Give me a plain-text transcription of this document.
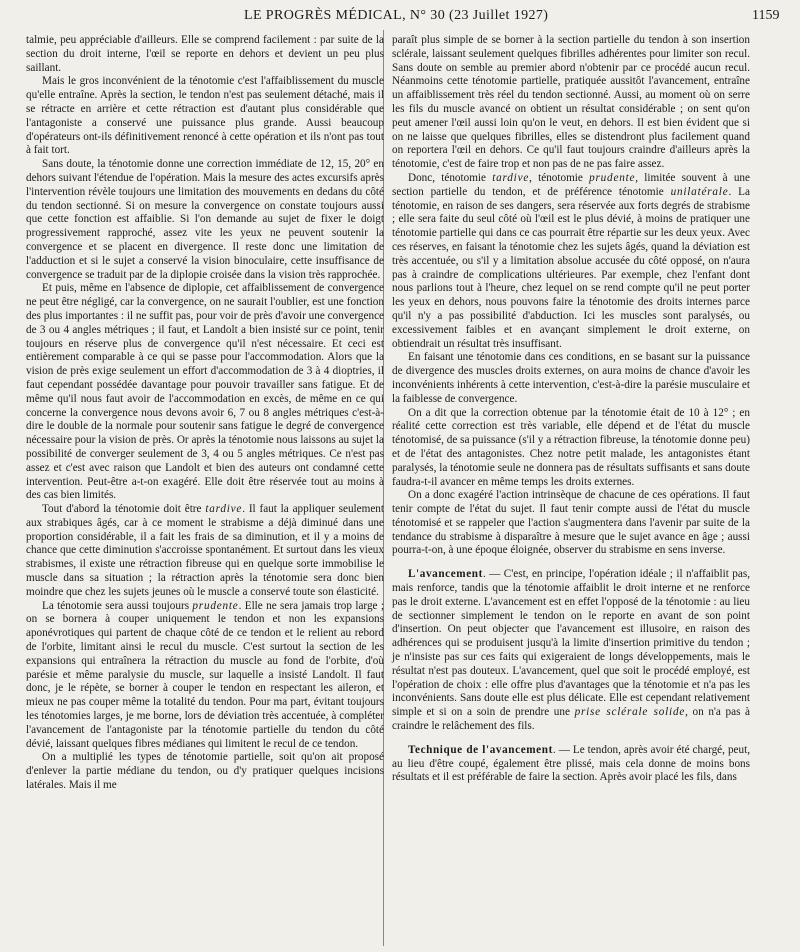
LE PROGRÈS MÉDICAL, N° 30 (23 Juillet 1927)	1159

talmie, peu appréciable d'ailleurs. Elle se comprend facilement : par suite de la section du droit interne, l'œil se reporte en dehors et devient un peu plus saillant.

Mais le gros inconvénient de la ténotomie c'est l'affaiblissement du muscle qu'elle entraîne. Après la section, le tendon n'est pas seulement détaché, mais il se rétracte en arrière et cette rétraction est d'autant plus considérable que l'antagoniste a conservé une puissance plus grande. Aussi beaucoup d'opérateurs ont-ils définitivement renoncé à cette opération et ils n'ont pas tout à fait tort.

Sans doute, la ténotomie donne une correction immédiate de 12, 15, 20° en dehors suivant l'étendue de l'opération. Mais la mesure des actes excursifs après l'intervention révèle toujours une limitation des mouvements en dedans du côté du tendon sectionné. Si on mesure la convergence on constate toujours aussi que cette fonction est affaiblie. Si l'on demande au sujet de fixer le doigt progressivement rapproché, assez vite les yeux ne peuvent soutenir la convergence et se placent en divergence. Il reste donc une limitation de l'adduction et si le sujet a conservé la vision binoculaire, cette insuffisance de convergence se traduit par de la diplopie croisée dans la vision très rapprochée.

Et puis, même en l'absence de diplopie, cet affaiblissement de convergence ne peut être négligé, car la convergence, on ne saurait l'oublier, est une fonction des plus importantes : il ne suffit pas, pour voir de près d'avoir une convergence de 3 ou 4 angles métriques ; il faut, et Landolt a bien insisté sur ce point, tenir toujours en réserve plus de convergence qu'il n'est nécessaire. Et ceci est entièrement comparable à ce qui se passe pour l'accommodation. Alors que la vision de près exige seulement un effort d'accommodation de 3 à 4 dioptries, il faut cependant possédée davantage pour pouvoir travailler sans fatigue. Et de même qu'il nous faut avoir de l'accommodation en excès, de même en ce qui concerne la convergence nous devons avoir 6, 7 ou 8 angles métriques c'est-à-dire le double de la normale pour soutenir sans fatigue le degré de convergence nécessaire pour la vision de près. Or après la ténotomie nous laissons au sujet la possibilité de converger seulement de 3, 4 ou 5 angles métriques. Ce n'est pas assez et c'est avec raison que Landolt et bien des auteurs ont condamné cette intervention. Peut-être a-t-on exagéré. Elle doit être réservée tout au moins à des cas bien limités.

Tout d'abord la ténotomie doit être tardive. Il faut la appliquer seulement aux strabiques âgés, car à ce moment le strabisme a déjà diminué dans une proportion considérable, il a fait les frais de sa diminution, et il y a moins de chance que cette diminution s'accroisse spontanément. Et surtout dans les vieux strabismes, il existe une rétraction fibreuse qui en quelque sorte immobilise le muscle dans sa situation ; la rétraction après la ténotomie sera donc bien moindre que chez les sujets jeunes où le muscle a conservé toute son élasticité.

La ténotomie sera aussi toujours prudente. Elle ne sera jamais trop large ; on se bornera à couper uniquement le tendon et non les expansions aponévrotiques qui partent de chaque côté de ce tendon et le relient au rebord de l'orbite, limitant ainsi le recul du muscle. C'est surtout la section de les expansions qui entraînera la rétraction du muscle au fond de l'orbite, d'où parésie et même paralysie du muscle, sur laquelle a insisté Landolt. Il faut donc, je le répète, se borner à couper le tendon en respectant les aileron, et mieux ne pas couper même la totalité du tendon. Pour ma part, évitant toujours les ténotomies larges, je me borne, lors de déviation très accentuée, à compléter l'avancement de l'antagoniste par la ténotomie partielle du tendon du côté dévié, laissant quelques fibres médianes qui limitent le recul de ce tendon.

On a multiplié les types de ténotomie partielle, soit qu'on ait proposé d'enlever la partie médiane du tendon, ou d'y pratiquer quelques incisions latérales. Mais il me

paraît plus simple de se borner à la section partielle du tendon à son insertion sclérale, laissant seulement quelques fibrilles adhérentes pour limiter son recul. Sans doute on semble au premier abord n'obtenir par ce procédé aucun recul. Néanmoins cette ténotomie partielle, pratiquée aussitôt l'avancement, entraîne un affaiblissement très réel du tendon sectionné. Aussi, au moment où on serre les fils du muscle avancé on obtient un résultat considérable ; on sent qu'on peut amener l'œil aussi loin qu'on le veut, en dehors. Il est bien évident que si on ne laisse que quelques fibrilles, elles se distendront plus facilement quand on reportera l'œil en dehors. Ce qu'il faut toujours craindre d'ailleurs après la ténotomie, c'est de faire trop et non pas de ne pas faire assez.

Donc, ténotomie tardive, ténotomie prudente, limitée souvent à une section partielle du tendon, et de préférence ténotomie unilatérale. La ténotomie, en raison de ses dangers, sera réservée aux forts degrés de strabisme ; elle sera faite du seul côté où l'œil est le plus dévié, à moins de pratiquer une ténotomie partielle qui dans ce cas pourrait être répartie sur les deux yeux. Avec ces réserves, en faisant la ténotomie chez les sujets âgés, quand la déviation est très accentuée, ou s'il y a limitation absolue accusée du côté opposé, on n'aura pas à craindre de complications ultérieures. Par exemple, chez l'enfant dont nous parlions tout à l'heure, chez lequel on se rend compte qu'il ne peut porter les yeux en dehors, nous pouvons faire la ténotomie des droits internes parce qu'il n'y a pas possibilité d'abduction. Ici les muscles sont paralysés, ou excessivement faibles et en avançant simplement le droit externe, on obtiendrait un résultat très insuffisant.

En faisant une ténotomie dans ces conditions, en se basant sur la puissance de divergence des muscles droits externes, on aura moins de chance d'avoir les inconvénients inhérents à cette intervention, c'est-à-dire la parésie musculaire et la faiblesse de convergence.

On a dit que la correction obtenue par la ténotomie était de 10 à 12° ; en réalité cette correction est très variable, elle dépend et de l'état du muscle ténotomisé, de sa puissance (s'il y a rétraction fibreuse, la ténotomie donne peu) et de l'état des antagonistes. Chez notre petit malade, les antagonistes étant paralysés, la ténotomie seule ne donnera pas de résultats suffisants et sans doute faudra-t-il avancer en même temps les droits externes.

On a donc exagéré l'action intrinsèque de chacune de ces opérations. Il faut tenir compte de l'état du sujet. Il faut tenir compte aussi de l'état du muscle ténotomisé et se rappeler que l'action s'augmentera dans l'avenir par suite de la tendance du strabisme à disparaître à mesure que le sujet avance en âge ; aussi pourra-t-on, à une époque éloignée, observer du strabisme en sens inverse.

L'avancement. — C'est, en principe, l'opération idéale ; il n'affaiblit pas, mais renforce, tandis que la ténotomie affaiblit le droit interne et ne renforce pas le droit externe. L'avancement est en effet l'opposé de la ténotomie : au lieu de sectionner simplement le tendon on le reporte en avant de son point d'insertion. On peut objecter que l'avancement est illusoire, en raison des adhérences qui se produisent jusqu'à la limite d'insertion primitive du tendon ; je n'insiste pas sur ces faits qui exigeraient de longs développements, mais le résultat n'est pas douteux. L'avancement, quel que soit le procédé employé, est l'opération de choix : elle offre plus d'avantages que la ténotomie et n'a pas les inconvénients. Sans doute elle est plus délicate. Elle est cependant relativement simple et si on a soin de prendre une prise sclérale solide, on n'a pas à craindre le relâchement des fils.

Technique de l'avancement. — Le tendon, après avoir été chargé, peut, au lieu d'être coupé, également être plissé, mais cela donne de moins bons résultats et il est préférable de faire la section. Après avoir placé les fils, dans
